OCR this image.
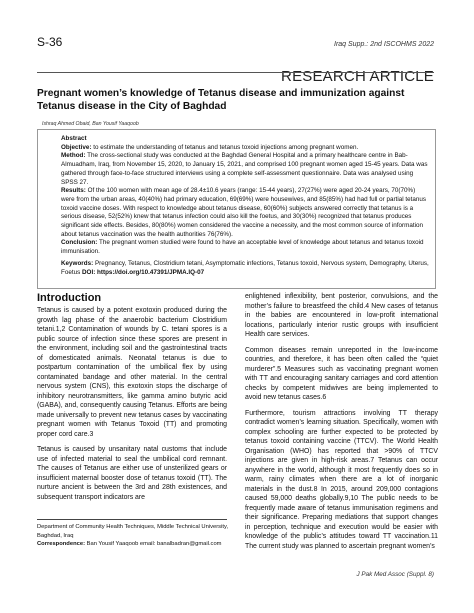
S-36	Iraq Supp.: 2nd ISCOHMS 2022
RESEARCH ARTICLE
Pregnant women’s knowledge of Tetanus disease and immunization against Tetanus disease in the City of Baghdad
Ishraq Ahmed Obaid, Ban Yousif Yaaqoob

Abstract

Objective: to estimate the understanding of tetanus and tetanus toxoid injections among pregnant women.

Method: The cross-sectional study was conducted at the Baghdad General Hospital and a primary healthcare centre in Bab-Almuadham, Iraq, from November 15, 2020, to January 15, 2021, and comprised 100 pregnant women aged 15-45 years. Data was gathered through face-to-face structured interviews using a complete self-assessment questionnaire. Data was analysed using SPSS 27.

Results: Of the 100 women with mean age of 28.4±10.6 years (range: 15-44 years), 27(27%) were aged 20-24 years, 70(70%) were from the urban areas, 40(40%) had primary education, 69(69%) were housewives, and 85(85%) had had full or partial tetanus toxoid vaccine doses. With respect to knowledge about tetanus disease, 60(60%) subjects answered correctly that tetanus is a serious disease, 52(52%) knew that tetanus infection could also kill the foetus, and 30(30%) recognized that tetanus produces significant side effects. Besides, 80(80%) women considered the vaccine a necessity, and the most common source of information about tetanus vaccination was the health authorities 76(76%).

Conclusion: The pregnant women studied were found to have an acceptable level of knowledge about tetanus and tetanus toxoid immunisation.

Keywords: Pregnancy, Tetanus, Clostridium tetani, Asymptomatic infections, Tetanus toxoid, Nervous system, Demography, Uterus, Foetus DOI: https://doi.org/10.47391/JPMA.IQ-07

Introduction

Tetanus is caused by a potent exotoxin produced during the growth lag phase of the anaerobic bacterium Clostridium tetani.1,2 Contamination of wounds by C. tetani spores is a public source of infection since these spores are present in the environment, including soil and the gastrointestinal tracts of domesticated animals. Neonatal tetanus is due to postpartum contamination of the umbilical flex by using contaminated bandage and other material. In the central nervous system (CNS), this exotoxin stops the discharge of inhibitory neurotransmitters, like gamma amino butyric acid (GABA), and, consequently causing Tetanus. Efforts are being made universally to prevent new tetanus cases by vaccinating pregnant women with Tetanus Toxoid (TT) and promoting proper cord care.3

Tetanus is caused by unsanitary natal customs that include use of infected material to seal the umbilical cord remnant. The causes of Tetanus are either use of unsterilized gears or insufficient maternal booster dose of tetanus toxoid (TT). The nurture ancient is between the 3rd and 28th existences, and subsequent transport indicators are

enlightened inflexibility, bent posterior, convulsions, and the mother’s failure to breastfeed the child.4 New cases of tetanus in the babies are encountered in low-profit international locations, particularly interior rustic groups with insufficient Health care services.

Common diseases remain unreported in the low-income countries, and therefore, it has been often called the “quiet murderer”.5 Measures such as vaccinating pregnant women with TT and encouraging sanitary carriages and cord attention checks by competent midwives are being implemented to avoid new tetanus cases.6

Furthermore, tourism attractions involving TT therapy contradict women’s learning situation. Specifically, women with complex schooling are further expected to be protected by tetanus toxoid containing vaccine (TTCV). The World Health Organisation (WHO) has reported that >90% of TTCV injections are given in high-risk areas.7 Tetanus can occur anywhere in the world, although it most frequently does so in warm, rainy climates when there are a lot of inorganic materials in the dust.8 In 2015, around 209,000 contagions caused 59,000 deaths globally.9,10 The public needs to be frequently made aware of tetanus immunisation regimens and their significance. Preparing mediations that support changes in perception, technique and execution would be easier with knowledge of the public’s attitudes toward TT vaccination.11 The current study was planned to ascertain pregnant women’s

Department of Community Health Techniques, Middle Technical University,
Baghdad, Iraq
Correspondence: Ban Yousif Yaaqoob email: banalbadran@gmail.com
J Pak Med Assoc (Suppl. 8)
